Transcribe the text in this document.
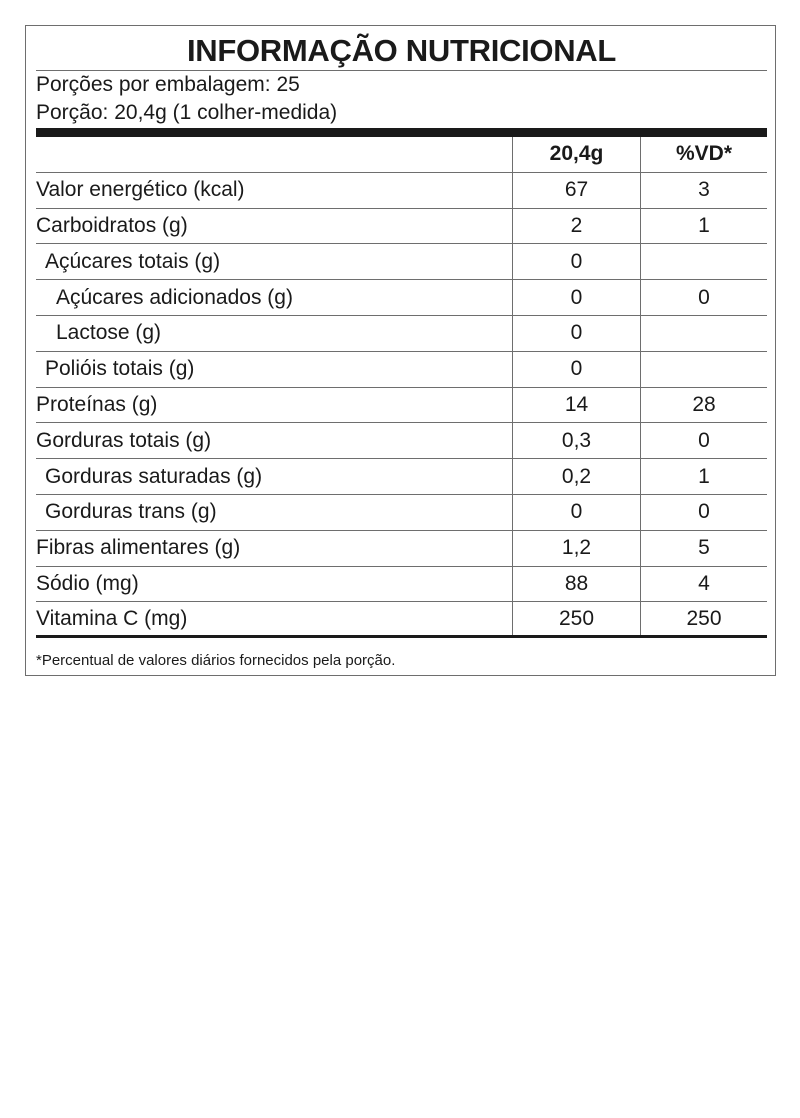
INFORMAÇÃO NUTRICIONAL
Porções por embalagem: 25
Porção: 20,4g (1 colher-medida)
20,4g	%VD*
Valor energético (kcal)	67	3
Carboidratos (g)	2	1
Açúcares totais (g)	0
Açúcares adicionados (g)	0	0
Lactose (g)	0
Polióis totais (g)	0
Proteínas (g)	14	28
Gorduras totais (g)	0,3	0
Gorduras saturadas (g)	0,2	1
Gorduras trans (g)	0	0
Fibras alimentares (g)	1,2	5
Sódio (mg)	88	4
Vitamina C (mg)	250	250
*Percentual de valores diários fornecidos pela porção.
